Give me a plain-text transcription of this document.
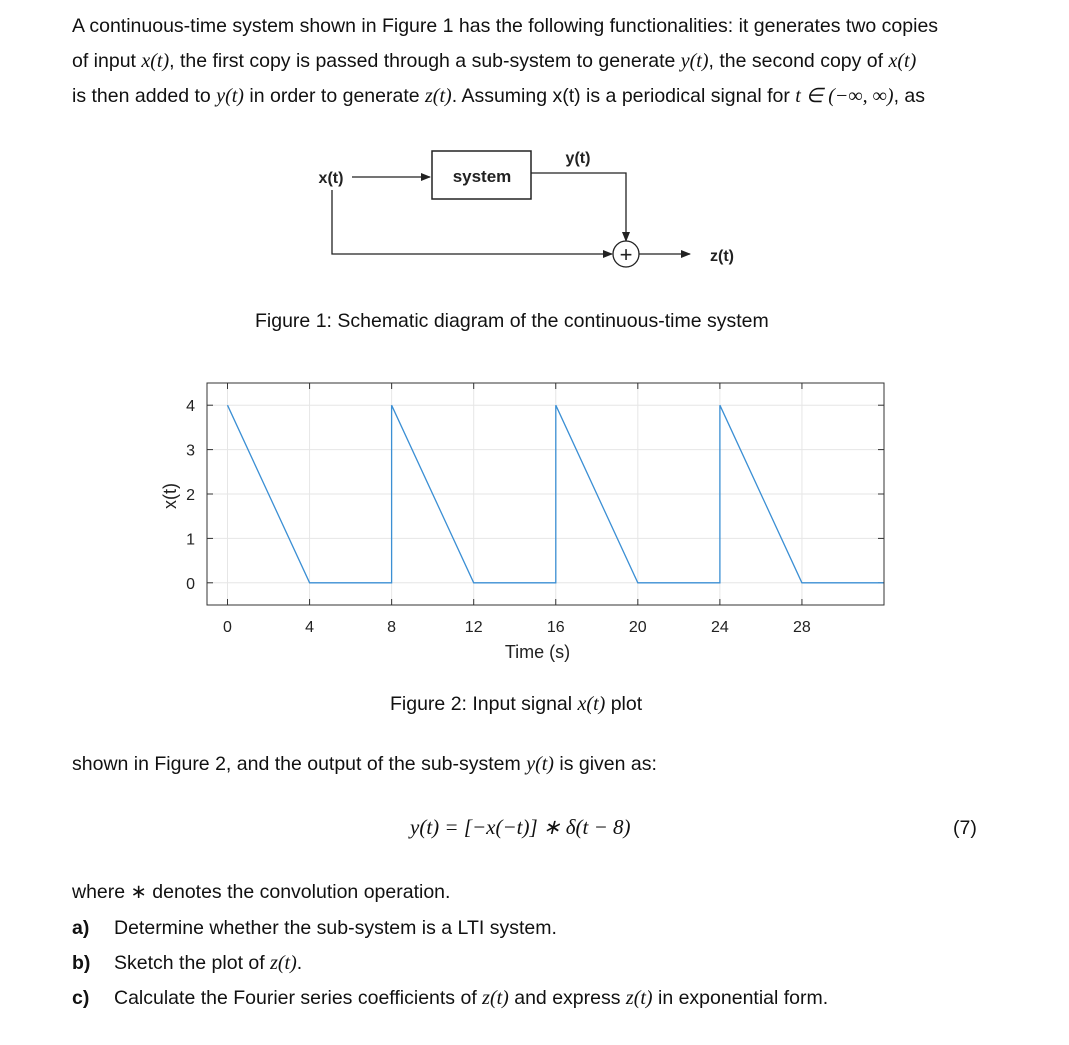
A continuous-time system shown in Figure 1 has the following functionalities: it generates two copies
of input x(t), the first copy is passed through a sub-system to generate y(t), the second copy of x(t)
is then added to y(t) in order to generate z(t). Assuming x(t) is a periodical signal for t ∈ (−∞, ∞), as
x(t)	system
y(t)
+	z(t)
Figure 1: Schematic diagram of the continuous-time system
0	4	8	12	16	20	24	28
0
1
2
3
4
Time (s)
x(t)
Figure 2: Input signal x(t) plot
shown in Figure 2, and the output of the sub-system y(t) is given as:
y(t) = [−x(−t)] ∗ δ(t − 8)	(7)
where ∗ denotes the convolution operation.
a) Determine whether the sub-system is a LTI system.
b) Sketch the plot of z(t).
c) Calculate the Fourier series coefficients of z(t) and express z(t) in exponential form.
